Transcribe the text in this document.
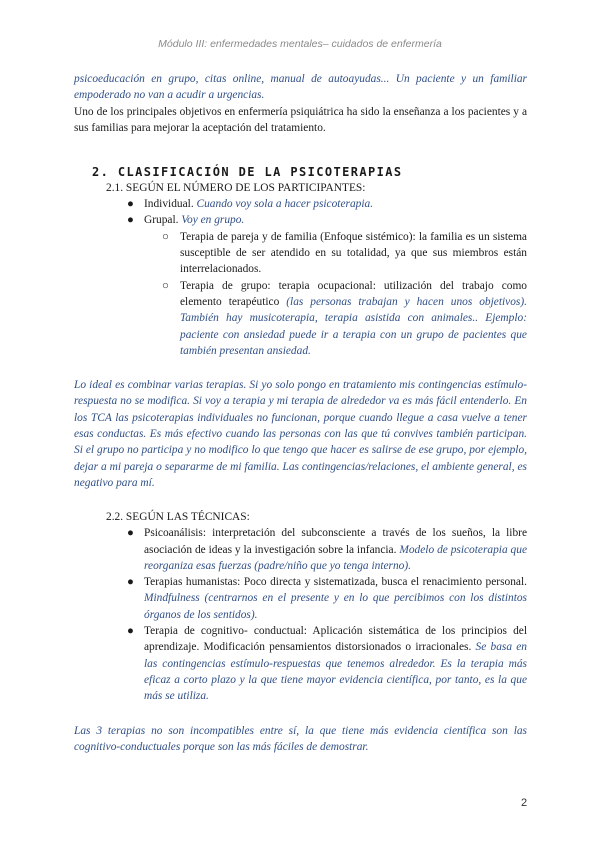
Módulo III: enfermedades mentales– cuidados de enfermería

psicoeducación en grupo, citas online, manual de autoayudas... Un paciente y un familiar empoderado no van a acudir a urgencias.

Uno de los principales objetivos en enfermería psiquiátrica ha sido la enseñanza a los pacientes y a sus familias para mejorar la aceptación del tratamiento.

2. CLASIFICACIÓN DE LA PSICOTERAPIAS
2.1. SEGÚN EL NÚMERO DE LOS PARTICIPANTES:
● Individual. Cuando voy sola a hacer psicoterapia.
● Grupal. Voy en grupo.
○ Terapia de pareja y de familia (Enfoque sistémico): la familia es un sistema susceptible de ser atendido en su totalidad, ya que sus miembros están interrelacionados.
○ Terapia de grupo: terapia ocupacional: utilización del trabajo como elemento terapéutico (las personas trabajan y hacen unos objetivos). También hay musicoterapia, terapia asistida con animales.. Ejemplo: paciente con ansiedad puede ir a terapia con un grupo de pacientes que también presentan ansiedad.

Lo ideal es combinar varias terapias. Si yo solo pongo en tratamiento mis contingencias estímulo-respuesta no se modifica. Si voy a terapia y mi terapia de alrededor va es más fácil entenderlo. En los TCA las psicoterapias individuales no funcionan, porque cuando llegue a casa vuelve a tener esas conductas. Es más efectivo cuando las personas con las que tú convives también participan. Si el grupo no participa y no modifico lo que tengo que hacer es salirse de ese grupo, por ejemplo, dejar a mi pareja o separarme de mi familia. Las contingencias/relaciones, el ambiente general, es negativo para mí.

2.2. SEGÚN LAS TÉCNICAS:
● Psicoanálisis: interpretación del subconsciente a través de los sueños, la libre asociación de ideas y la investigación sobre la infancia. Modelo de psicoterapia que reorganiza esas fuerzas (padre/niño que yo tenga interno).
● Terapias humanistas: Poco directa y sistematizada, busca el renacimiento personal. Mindfulness (centrarnos en el presente y en lo que percibimos con los distintos órganos de los sentidos).
● Terapia de cognitivo- conductual: Aplicación sistemática de los principios del aprendizaje. Modificación pensamientos distorsionados o irracionales. Se basa en las contingencias estímulo-respuestas que tenemos alrededor. Es la terapia más eficaz a corto plazo y la que tiene mayor evidencia científica, por tanto, es la que más se utiliza.

Las 3 terapias no son incompatibles entre sí, la que tiene más evidencia científica son las cognitivo-conductuales porque son las más fáciles de demostrar.

2
